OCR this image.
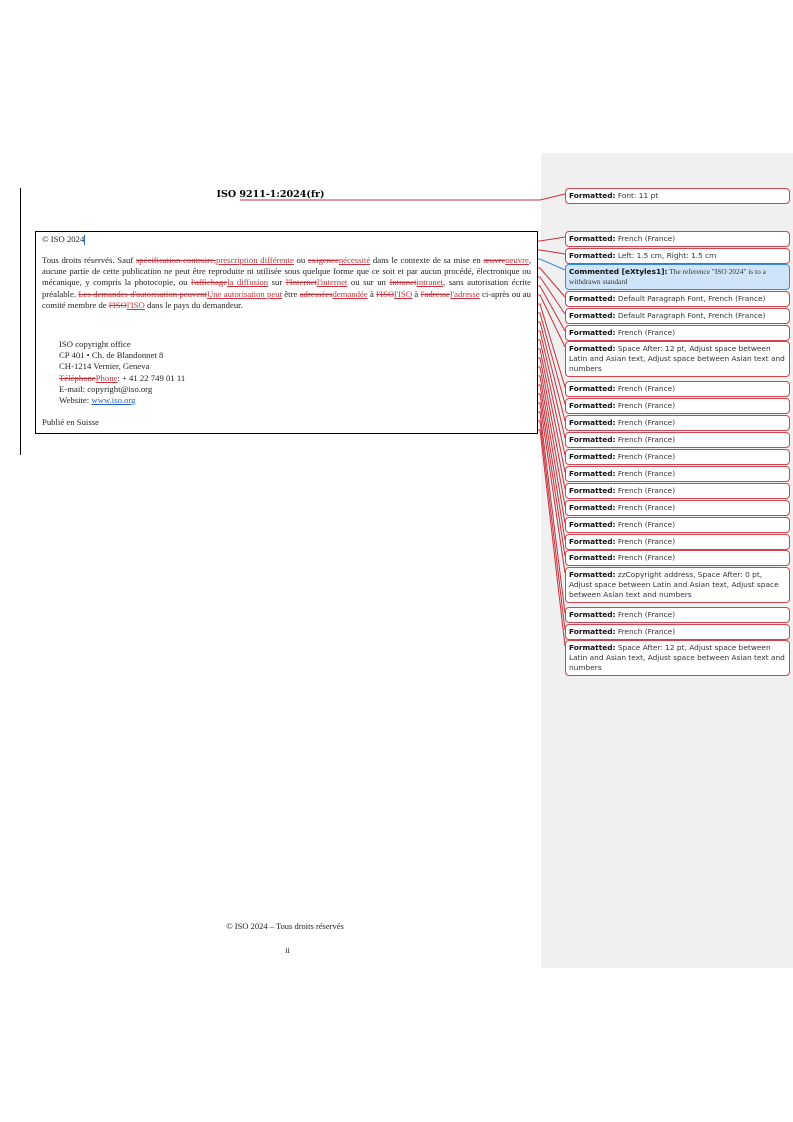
ISO 9211-1:2024(fr)
© ISO 2024
Tous droits réservés. Sauf spécification contraire,prescription différente ou exigencenécessité dans le contexte de sa mise en œuvreoeuvre, aucune partie de cette publication ne peut être reproduite ni utilisée sous quelque forme que ce soit et par aucun procédé, électronique ou mécanique, y compris la photocopie, ou l'affichagela diffusion sur l'Internetl'internet ou sur un Intranetintranet, sans autorisation écrite préalable. Les demandes d'autorisation peuventUne autorisation peut être adresséesdemandée à l'ISOl'ISO à l'adressel'adresse ci-après ou au comité membre de l'ISOl'ISO dans le pays du demandeur.
ISO copyright office
CP 401 • Ch. de Blandonnet 8
CH-1214 Vernier, Geneva
TéléphonePhone: + 41 22 749 01 11
E-mail: copyright@iso.org
Website: www.iso.org
Publié en Suisse
© ISO 2024 – Tous droits réservés
ii
Formatted: Font: 11 pt
Formatted: French (France)
Formatted: Left: 1.5 cm, Right: 1.5 cm
Commented [eXtyles1]: The reference "ISO 2024" is to a withdrawn standard
Formatted: Default Paragraph Font, French (France)
Formatted: Default Paragraph Font, French (France)
Formatted: French (France)
Formatted: Space After: 12 pt, Adjust space between Latin and Asian text, Adjust space between Asian text and numbers
Formatted: French (France)
Formatted: French (France)
Formatted: French (France)
Formatted: French (France)
Formatted: French (France)
Formatted: French (France)
Formatted: French (France)
Formatted: French (France)
Formatted: French (France)
Formatted: French (France)
Formatted: French (France)
Formatted: zzCopyright address, Space After: 0 pt, Adjust space between Latin and Asian text, Adjust space between Asian text and numbers
Formatted: French (France)
Formatted: French (France)
Formatted: Space After: 12 pt, Adjust space between Latin and Asian text, Adjust space between Asian text and numbers
